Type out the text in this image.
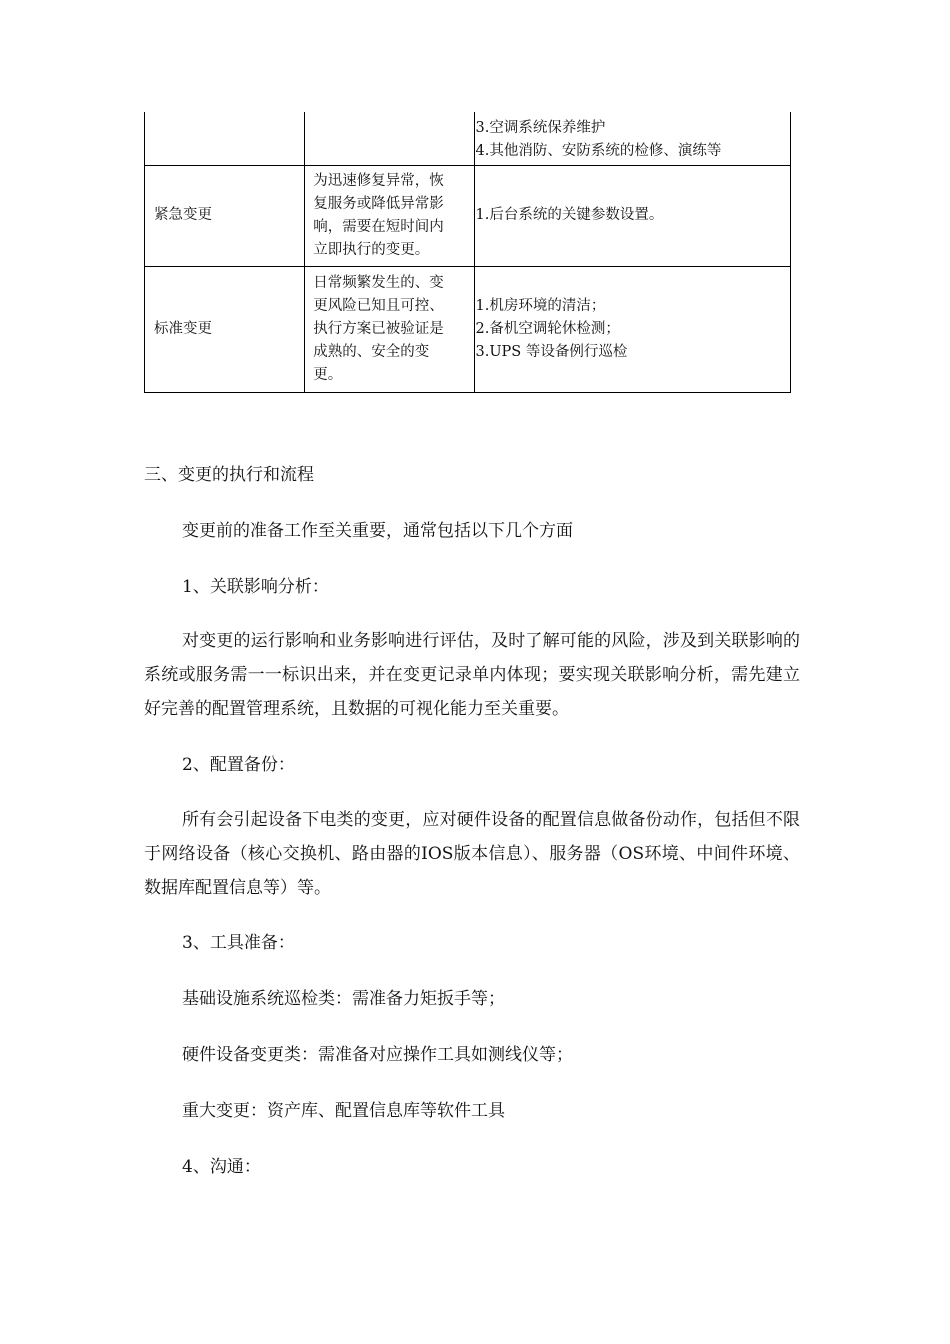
		3.空调系统保养维护
4.其他消防、安防系统的检修、演练等

紧急变更	为迅速修复异常，恢
复服务或降低异常影
响，需要在短时间内
立即执行的变更。	1.后台系统的关键参数设置。

标准变更	日常频繁发生的、变
更风险已知且可控、
执行方案已被验证是
成熟的、安全的变
更。	1.机房环境的清洁；
2.备机空调轮休检测；
3.UPS 等设备例行巡检
三、变更的执行和流程
变更前的准备工作至关重要，通常包括以下几个方面
1、关联影响分析：
对变更的运行影响和业务影响进行评估，及时了解可能的风险，涉及到关联影响的系统或服务需一一标识出来，并在变更记录单内体现；要实现关联影响分析，需先建立好完善的配置管理系统，且数据的可视化能力至关重要。
2、配置备份：
所有会引起设备下电类的变更，应对硬件设备的配置信息做备份动作，包括但不限于网络设备（核心交换机、路由器的IOS版本信息）、服务器（OS环境、中间件环境、数据库配置信息等）等。
3、工具准备：
基础设施系统巡检类：需准备力矩扳手等；
硬件设备变更类：需准备对应操作工具如测线仪等；
重大变更：资产库、配置信息库等软件工具
4、沟通：
